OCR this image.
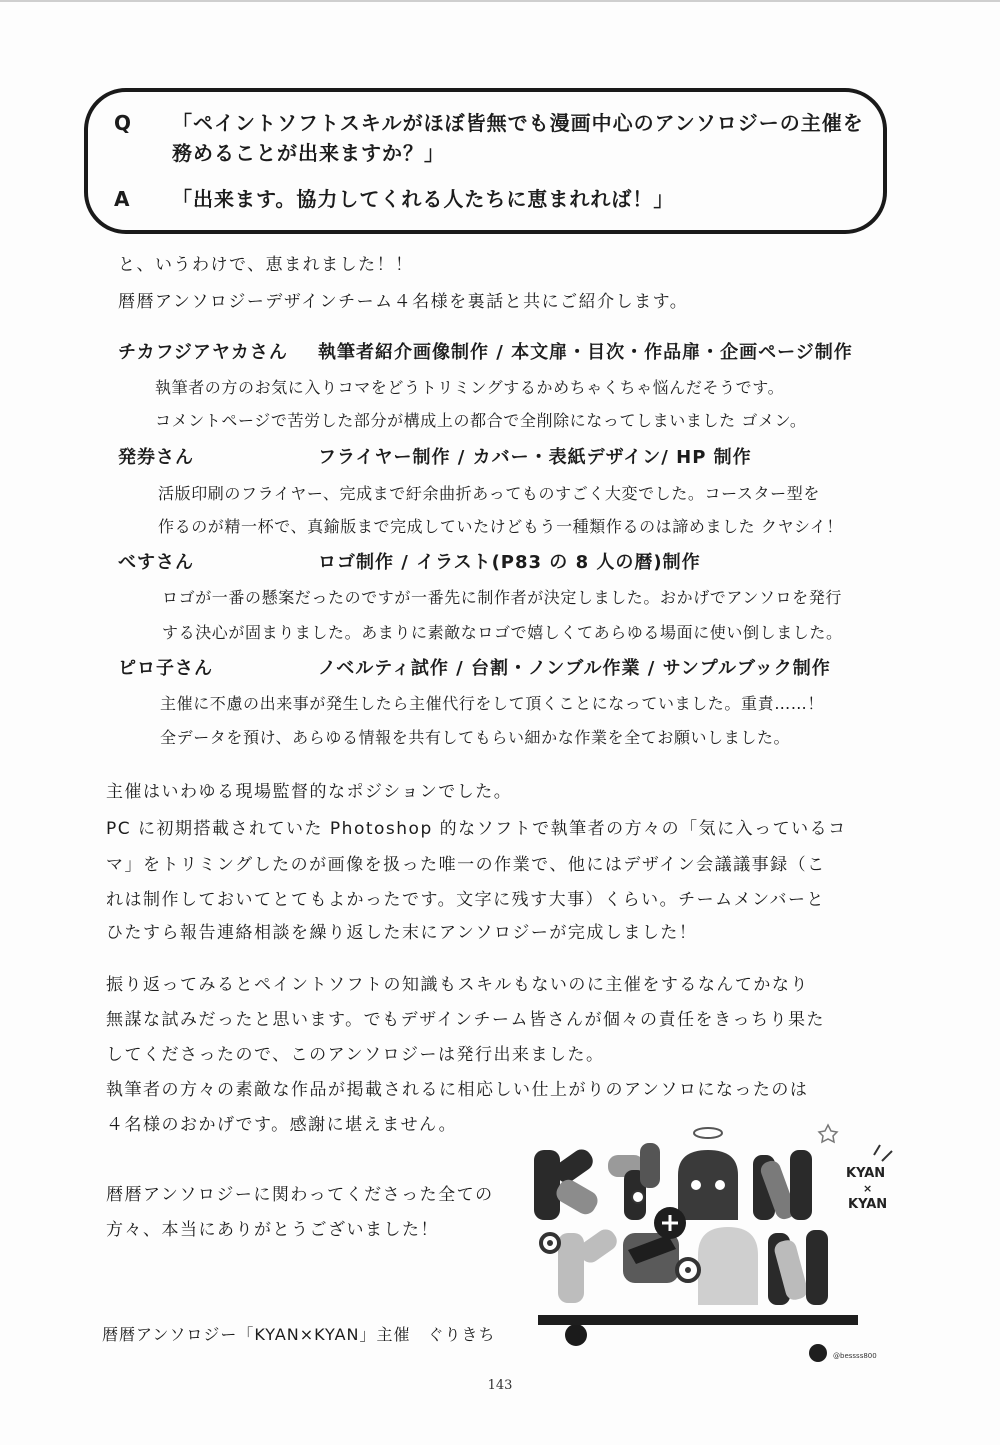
Q	「ペイントソフトスキルがほぼ皆無でも漫画中心のアンソロジーの主催を務めることが出来ますか？」
A	「出来ます。協力してくれる人たちに恵まれれば！」
と、いうわけで、恵まれました！！
暦暦アンソロジーデザインチーム４名様を裏話と共にご紹介します。
チカフジアヤカさん 執筆者紹介画像制作 / 本文扉・目次・作品扉・企画ページ制作
執筆者の方のお気に入りコマをどうトリミングするかめちゃくちゃ悩んだそうです。
コメントページで苦労した部分が構成上の都合で全削除になってしまいました ゴメン。
発券さん	フライヤー制作 / カバー・表紙デザイン/ HP 制作
活版印刷のフライヤー、完成まで紆余曲折あってものすごく大変でした。コースター型を
作るのが精一杯で、真鍮版まで完成していたけどもう一種類作るのは諦めました クヤシイ！
べすさん	ロゴ制作 / イラスト(P83 の 8 人の暦)制作
ロゴが一番の懸案だったのですが一番先に制作者が決定しました。おかげでアンソロを発行
する決心が固まりました。あまりに素敵なロゴで嬉しくてあらゆる場面に使い倒しました。
ピロ子さん	ノベルティ試作 / 台割・ノンブル作業 / サンプルブック制作
主催に不慮の出来事が発生したら主催代行をして頂くことになっていました。重責……！
全データを預け、あらゆる情報を共有してもらい細かな作業を全てお願いしました。
主催はいわゆる現場監督的なポジションでした。
PC に初期搭載されていた Photoshop 的なソフトで執筆者の方々の「気に入っているコ
マ」をトリミングしたのが画像を扱った唯一の作業で、他にはデザイン会議議事録（こ
れは制作しておいてとてもよかったです。文字に残す大事）くらい。チームメンバーと
ひたすら報告連絡相談を繰り返した末にアンソロジーが完成しました！
振り返ってみるとペイントソフトの知識もスキルもないのに主催をするなんてかなり
無謀な試みだったと思います。でもデザインチーム皆さんが個々の責任をきっちり果た
してくださったので、このアンソロジーは発行出来ました。
執筆者の方々の素敵な作品が掲載されるに相応しい仕上がりのアンソロになったのは
４名様のおかげです。感謝に堪えません。
暦暦アンソロジーに関わってくださった全ての
方々、本当にありがとうございました！
暦暦アンソロジー「KYAN×KYAN」主催　ぐりきち
KYAN
×
KYAN
@bessss800
143
